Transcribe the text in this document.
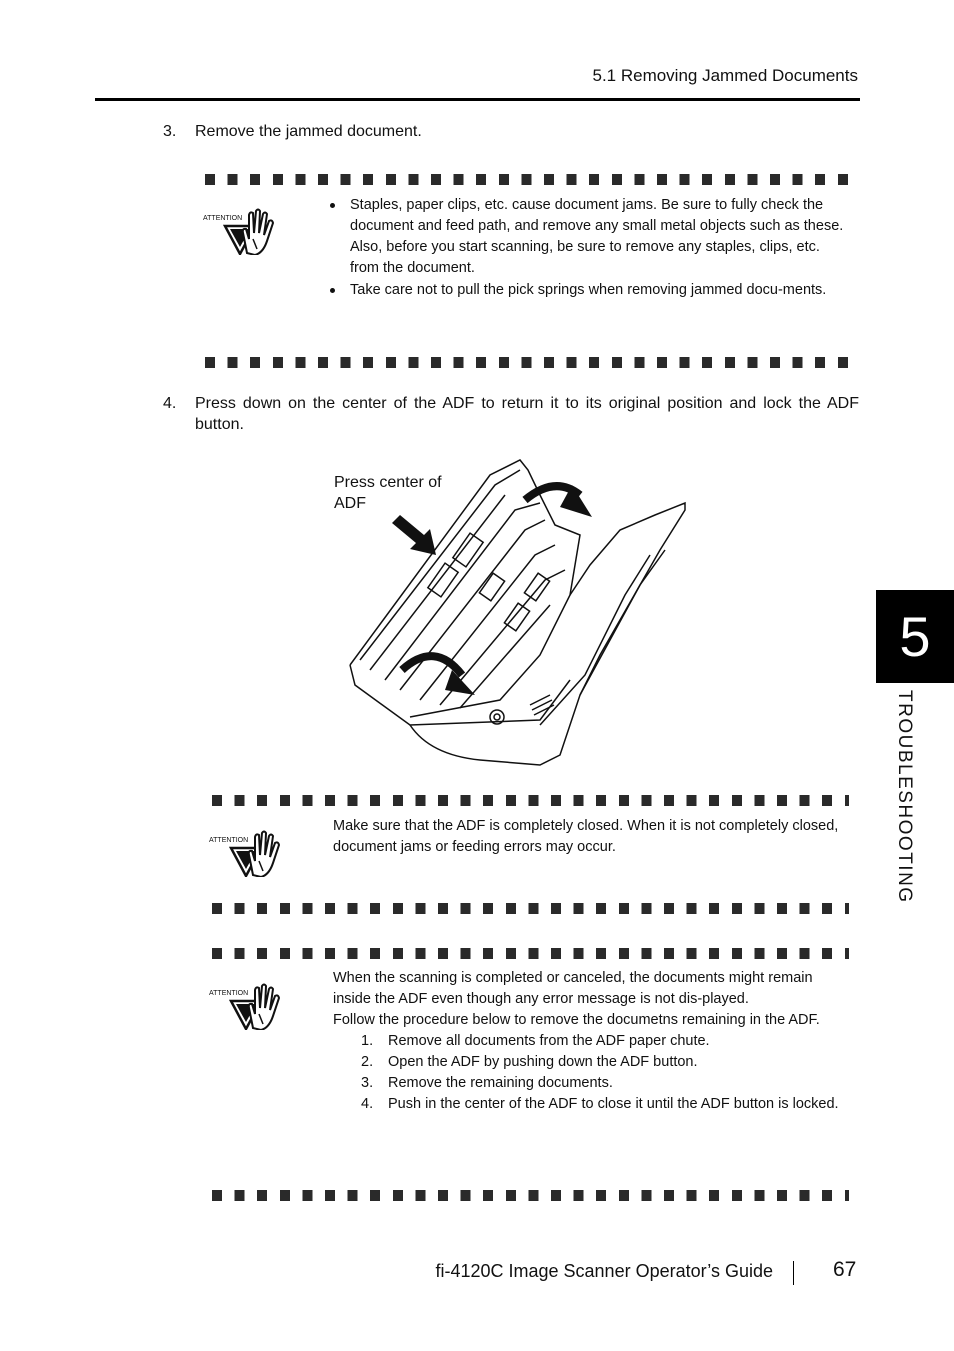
5.1 Removing Jammed Documents
3. Remove the jammed document.
ATTENTION
Staples, paper clips, etc. cause document jams. Be sure to fully check the document and feed path, and remove any small metal objects such as these.
Also, before you start scanning, be sure to remove any staples, clips, etc. from the document.
Take care not to pull the pick springs when removing jammed docu-ments.
4. Press down on the center of the ADF to return it to its original position and lock the ADF button.
Press center of ADF
ATTENTION
Make sure that the ADF is completely closed. When it is not completely closed, document jams or feeding errors may occur.
ATTENTION
When the scanning is completed or canceled, the documents might remain inside the ADF even though any error message is not dis-played.
Follow the procedure below to remove the documetns remaining in the ADF.
1. Remove all documents from the ADF paper chute.
2. Open the ADF by pushing down the ADF button.
3. Remove the remaining documents.
4. Push in the center of the ADF to close it until the ADF button is locked.
5
TROUBLESHOOTING
fi-4120C Image Scanner Operator’s Guide	67
